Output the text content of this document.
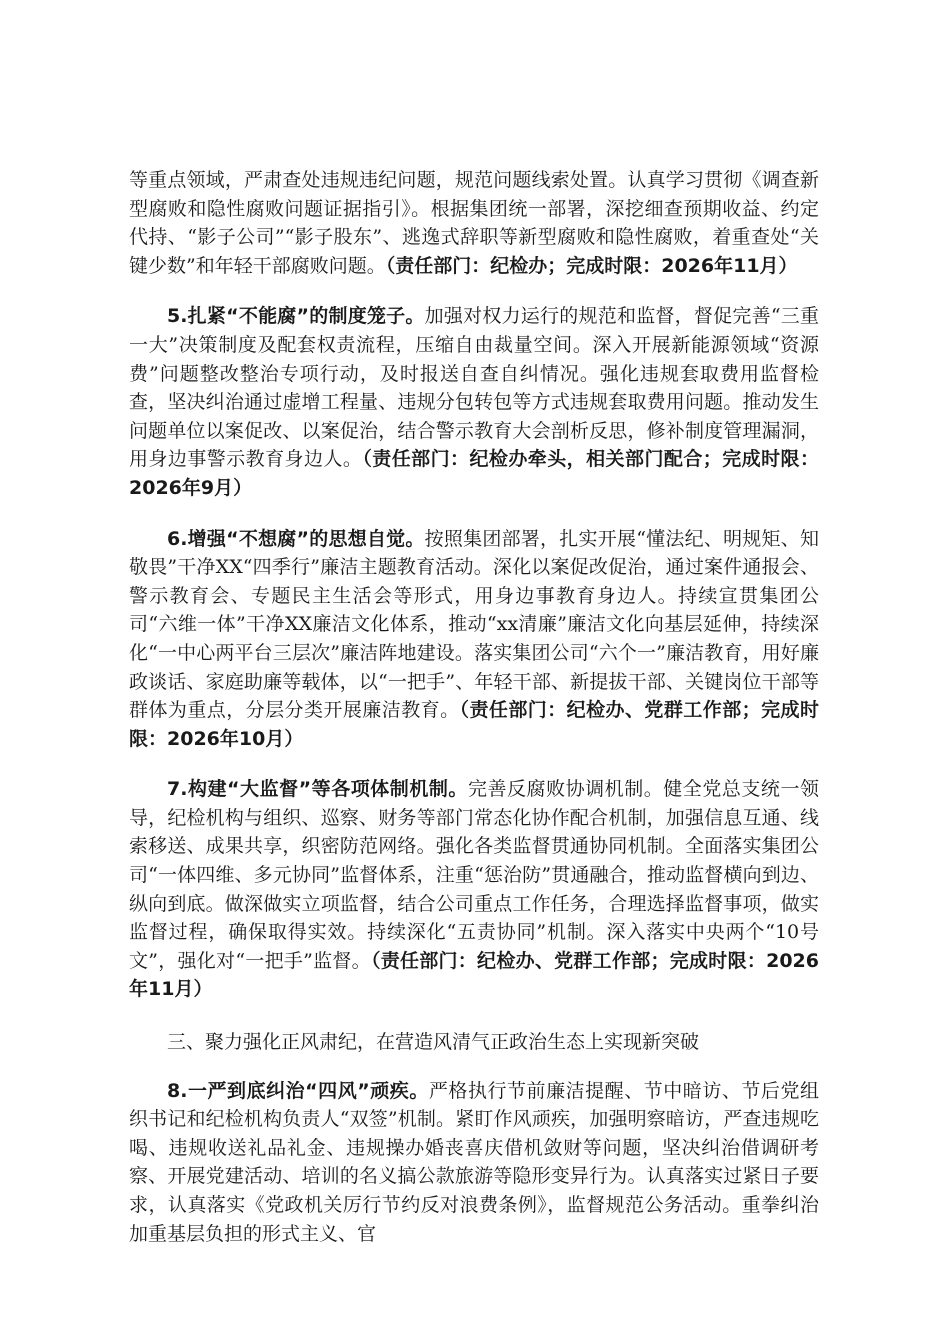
等重点领域，严肃查处违规违纪问题，规范问题线索处置。认真学习贯彻《调查新型腐败和隐性腐败问题证据指引》。根据集团统一部署，深挖细查预期收益、约定代持、“影子公司”“影子股东”、逃逸式辞职等新型腐败和隐性腐败，着重查处“关键少数”和年轻干部腐败问题。（责任部门：纪检办；完成时限：2026年11月）

5.扎紧“不能腐”的制度笼子。加强对权力运行的规范和监督，督促完善“三重一大”决策制度及配套权责流程，压缩自由裁量空间。深入开展新能源领域“资源费”问题整改整治专项行动，及时报送自查自纠情况。强化违规套取费用监督检查，坚决纠治通过虚增工程量、违规分包转包等方式违规套取费用问题。推动发生问题单位以案促改、以案促治，结合警示教育大会剖析反思，修补制度管理漏洞，用身边事警示教育身边人。（责任部门：纪检办牵头，相关部门配合；完成时限：2026年9月）

6.增强“不想腐”的思想自觉。按照集团部署，扎实开展“懂法纪、明规矩、知敬畏”干净XX“四季行”廉洁主题教育活动。深化以案促改促治，通过案件通报会、警示教育会、专题民主生活会等形式，用身边事教育身边人。持续宣贯集团公司“六维一体”干净XX廉洁文化体系，推动“xx清廉”廉洁文化向基层延伸，持续深化“一中心两平台三层次”廉洁阵地建设。落实集团公司“六个一”廉洁教育，用好廉政谈话、家庭助廉等载体，以“一把手”、年轻干部、新提拔干部、关键岗位干部等群体为重点，分层分类开展廉洁教育。（责任部门：纪检办、党群工作部；完成时限：2026年10月）

7.构建“大监督”等各项体制机制。完善反腐败协调机制。健全党总支统一领导，纪检机构与组织、巡察、财务等部门常态化协作配合机制，加强信息互通、线索移送、成果共享，织密防范网络。强化各类监督贯通协同机制。全面落实集团公司“一体四维、多元协同”监督体系，注重“惩治防”贯通融合，推动监督横向到边、纵向到底。做深做实立项监督，结合公司重点工作任务，合理选择监督事项，做实监督过程，确保取得实效。持续深化“五责协同”机制。深入落实中央两个“10号文”，强化对“一把手”监督。（责任部门：纪检办、党群工作部；完成时限：2026年11月）

三、聚力强化正风肃纪，在营造风清气正政治生态上实现新突破

8.一严到底纠治“四风”顽疾。严格执行节前廉洁提醒、节中暗访、节后党组织书记和纪检机构负责人“双签”机制。紧盯作风顽疾，加强明察暗访，严查违规吃喝、违规收送礼品礼金、违规操办婚丧喜庆借机敛财等问题，坚决纠治借调研考察、开展党建活动、培训的名义搞公款旅游等隐形变异行为。认真落实过紧日子要求，认真落实《党政机关厉行节约反对浪费条例》，监督规范公务活动。重拳纠治加重基层负担的形式主义、官
